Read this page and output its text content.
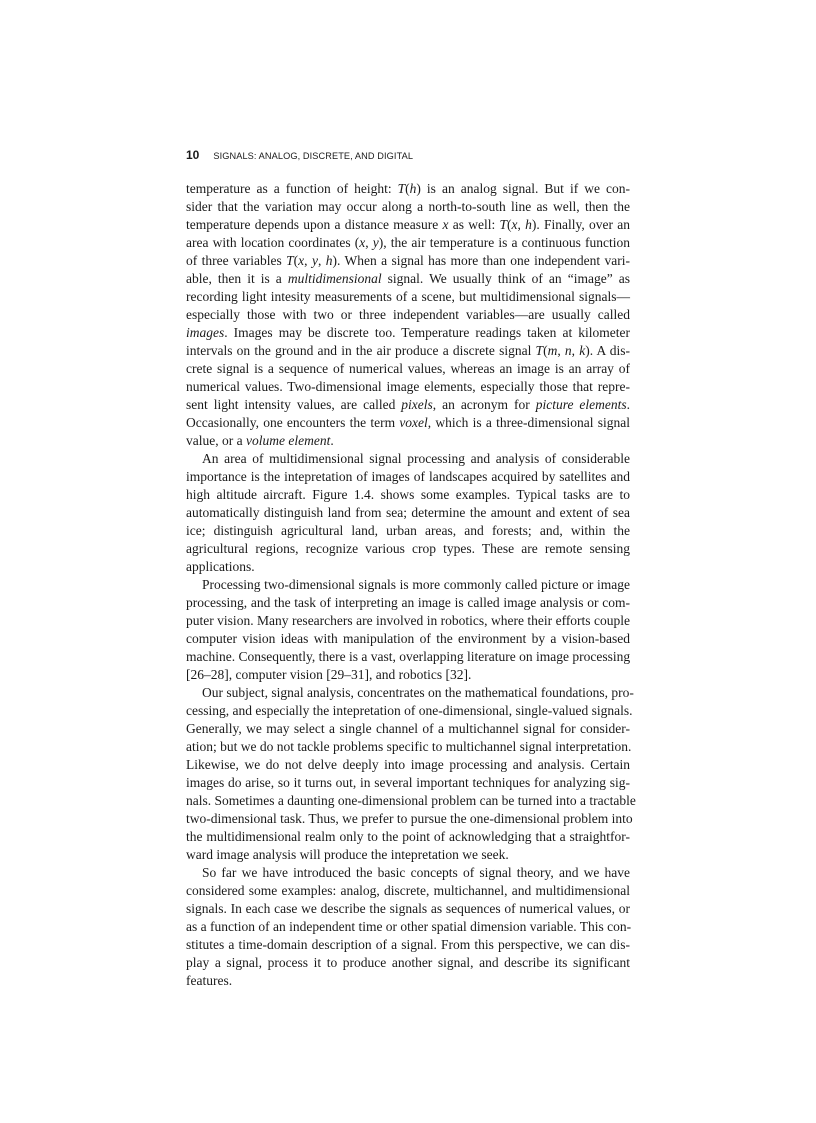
10 SIGNALS: ANALOG, DISCRETE, AND DIGITAL
temperature as a function of height: T(h) is an analog signal. But if we con-
sider that the variation may occur along a north-to-south line as well, then the
temperature depends upon a distance measure x as well: T(x, h). Finally, over an
area with location coordinates (x, y), the air temperature is a continuous function
of three variables T(x, y, h). When a signal has more than one independent vari-
able, then it is a multidimensional signal. We usually think of an “image” as
recording light intesity measurements of a scene, but multidimensional signals—
especially those with two or three independent variables—are usually called
images. Images may be discrete too. Temperature readings taken at kilometer
intervals on the ground and in the air produce a discrete signal T(m, n, k). A dis-
crete signal is a sequence of numerical values, whereas an image is an array of
numerical values. Two-dimensional image elements, especially those that repre-
sent light intensity values, are called pixels, an acronym for picture elements.
Occasionally, one encounters the term voxel, which is a three-dimensional signal
value, or a volume element.
An area of multidimensional signal processing and analysis of considerable
importance is the intepretation of images of landscapes acquired by satellites and
high altitude aircraft. Figure 1.4. shows some examples. Typical tasks are to
automatically distinguish land from sea; determine the amount and extent of sea
ice; distinguish agricultural land, urban areas, and forests; and, within the
agricultural regions, recognize various crop types. These are remote sensing
applications.
Processing two-dimensional signals is more commonly called picture or image
processing, and the task of interpreting an image is called image analysis or com-
puter vision. Many researchers are involved in robotics, where their efforts couple
computer vision ideas with manipulation of the environment by a vision-based
machine. Consequently, there is a vast, overlapping literature on image processing
[26–28], computer vision [29–31], and robotics [32].
Our subject, signal analysis, concentrates on the mathematical foundations, pro-
cessing, and especially the intepretation of one-dimensional, single-valued signals.
Generally, we may select a single channel of a multichannel signal for consider-
ation; but we do not tackle problems specific to multichannel signal interpretation.
Likewise, we do not delve deeply into image processing and analysis. Certain
images do arise, so it turns out, in several important techniques for analyzing sig-
nals. Sometimes a daunting one-dimensional problem can be turned into a tractable
two-dimensional task. Thus, we prefer to pursue the one-dimensional problem into
the multidimensional realm only to the point of acknowledging that a straightfor-
ward image analysis will produce the intepretation we seek.
So far we have introduced the basic concepts of signal theory, and we have
considered some examples: analog, discrete, multichannel, and multidimensional
signals. In each case we describe the signals as sequences of numerical values, or
as a function of an independent time or other spatial dimension variable. This con-
stitutes a time-domain description of a signal. From this perspective, we can dis-
play a signal, process it to produce another signal, and describe its significant
features.
